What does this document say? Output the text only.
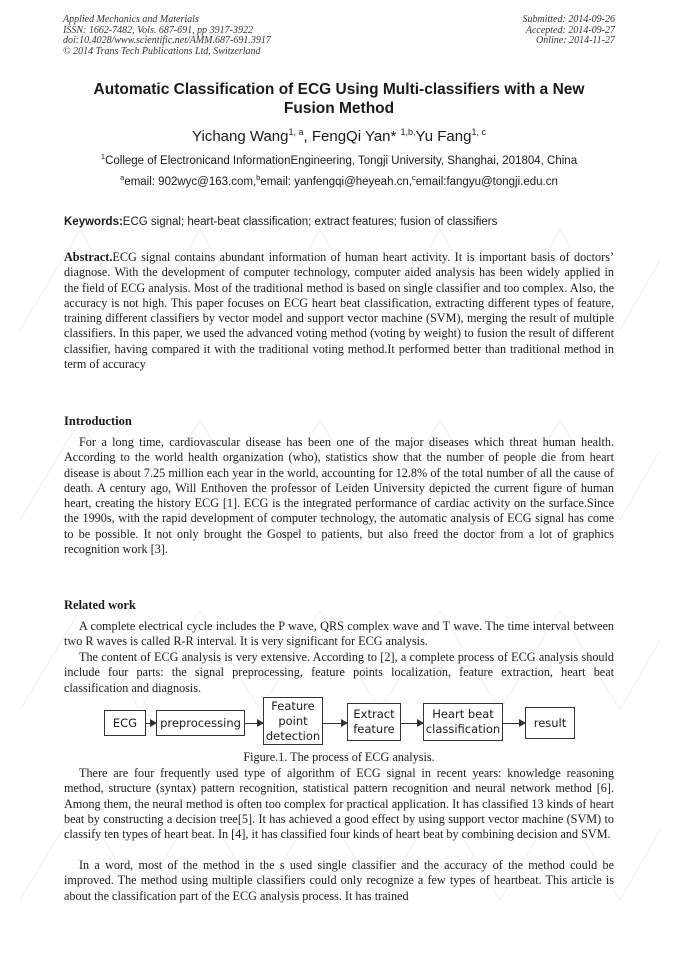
Applied Mechanics and Materials
ISSN: 1662-7482, Vols. 687-691, pp 3917-3922
doi:10.4028/www.scientific.net/AMM.687-691.3917
© 2014 Trans Tech Publications Ltd, Switzerland
Submitted: 2014-09-26
Accepted: 2014-09-27
Online: 2014-11-27
Automatic Classification of ECG Using Multi-classifiers with a New Fusion Method
Yichang Wang$^{1, a}$, FengQi Yan* $^{1,b,}$Yu Fang$^{1, c}$
$^1$College of Electronicand InformationEngineering, Tongji University, Shanghai, 201804, China
$^a$email: 902wyc@163.com,$^b$email: yanfengqi@heyeah.cn,$^c$email:fangyu@tongji.edu.cn
Keywords:ECG signal; heart-beat classification; extract features; fusion of classifiers
Abstract.ECG signal contains abundant information of human heart activity. It is important basis of doctors’ diagnose. With the development of computer technology, computer aided analysis has been widely applied in the field of ECG analysis. Most of the traditional method is based on single classifier and too complex. Also, the accuracy is not high. This paper focuses on ECG heart beat classification, extracting different types of feature, training different classifiers by vector model and support vector machine (SVM), merging the result of multiple classifiers. In this paper, we used the advanced voting method (voting by weight) to fusion the result of different classifier, having compared it with the traditional voting method.It performed better than traditional method in term of accuracy
Introduction
For a long time, cardiovascular disease has been one of the major diseases which threat human health. According to the world health organization (who), statistics show that the number of people die from heart disease is about 7.25 million each year in the world, accounting for 12.8% of the total number of all the cause of death. A century ago, Will Enthoven the professor of Leiden University depicted the current figure of human heart, creating the history ECG [1]. ECG is the integrated performance of cardiac activity on the surface.Since the 1990s, with the rapid development of computer technology, the automatic analysis of ECG signal has come to be possible. It not only brought the Gospel to patients, but also freed the doctor from a lot of graphics recognition work [3].
Related work
A complete electrical cycle includes the P wave, QRS complex wave and T wave. The time interval between two R waves is called R-R interval. It is very significant for ECG analysis.
The content of ECG analysis is very extensive. According to [2], a complete process of ECG analysis should include four parts: the signal preprocessing, feature points localization, feature extraction, heart beat classification and diagnosis.
ECG	preprocessing
Feature point detection
Extract feature
Heart beat classification	result
Figure.1. The process of ECG analysis.
There are four frequently used type of algorithm of ECG signal in recent years: knowledge reasoning method, structure (syntax) pattern recognition, statistical pattern recognition and neural network method [6]. Among them, the neural method is often too complex for practical application. It has classified 13 kinds of heart beat by constructing a decision tree[5]. It has achieved a good effect by using support vector machine (SVM) to classify ten types of heart beat. In [4], it has classified four kinds of heart beat by combining decision and SVM.
In a word, most of the method in the s used single classifier and the accuracy of the method could be improved. The method using multiple classifiers could only recognize a few types of heartbeat. This article is about the classification part of the ECG analysis process. It has trained
